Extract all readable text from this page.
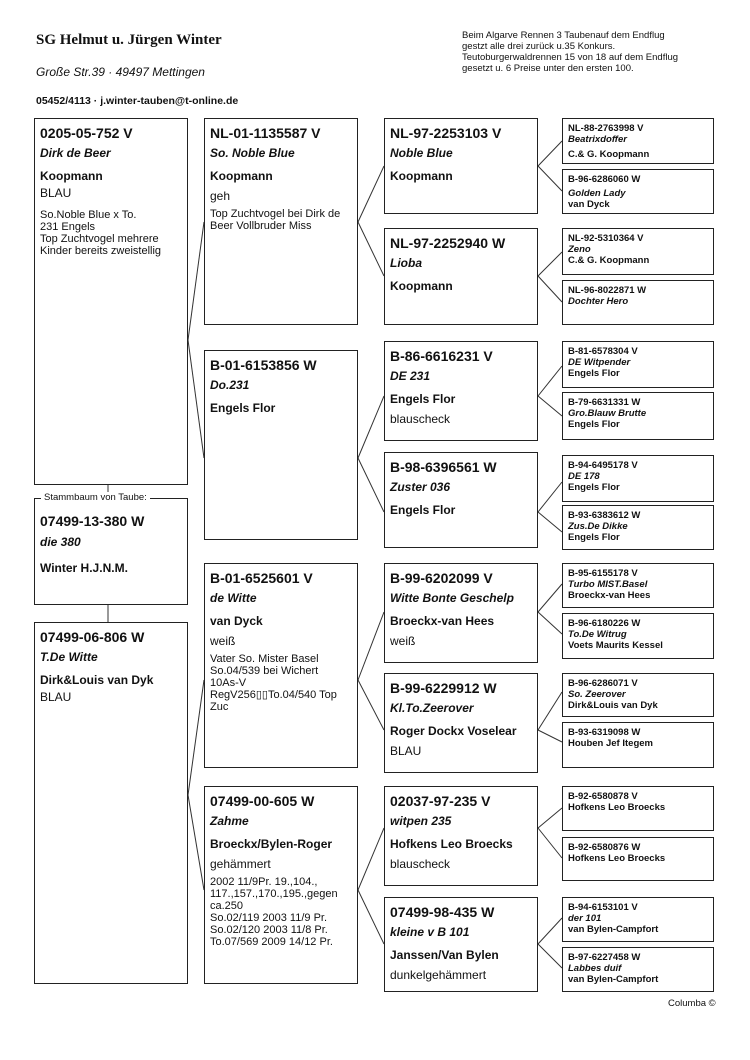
SG Helmut u. Jürgen Winter
Große Str.39 · 49497 Mettingen
05452/4113 · j.winter-tauben@t-online.de
Beim Algarve Rennen 3 Taubenauf dem Endflug
gestzt alle drei zurück u.35 Konkurs.
Teutoburgerwaldrennen 15 von 18 auf dem Endflug
gesetzt u. 6 Preise unter den ersten 100.
0205-05-752 V
Dirk de Beer
Koopmann
BLAU
So.Noble Blue x To.
231 Engels
Top Zuchtvogel mehrere
Kinder bereits zweistellig
Stammbaum von Taube:
07499-13-380 W
die 380
Winter H.J.N.M.
07499-06-806 W
T.De Witte
Dirk&Louis van Dyk
BLAU
NL-01-1135587 V
So. Noble Blue
Koopmann
geh
Top Zuchtvogel bei Dirk de
Beer Vollbruder Miss
B-01-6153856 W
Do.231
Engels Flor
B-01-6525601 V
de Witte
van Dyck
weiß
Vater So. Mister Basel
So.04/539 bei Wichert
10As-V
RegV256▯▯To.04/540 Top
Zuc
07499-00-605 W
Zahme
Broeckx/Bylen-Roger
gehämmert
2002 11/9Pr. 19.,104.,
117.,157.,170.,195.,gegen
ca.250
So.02/119 2003 11/9 Pr.
So.02/120 2003 11/8 Pr.
To.07/569 2009 14/12 Pr.
NL-97-2253103 V
Noble Blue
Koopmann
NL-97-2252940 W
Lioba
Koopmann
B-86-6616231 V
DE 231
Engels Flor
blauscheck
B-98-6396561 W
Zuster 036
Engels Flor
B-99-6202099 V
Witte Bonte Geschelp
Broeckx-van Hees
weiß
B-99-6229912 W
Kl.To.Zeerover
Roger Dockx Voselear
BLAU
02037-97-235 V
witpen 235
Hofkens Leo Broecks
blauscheck
07499-98-435 W
kleine v B 101
Janssen/Van Bylen
dunkelgehämmert
NL-88-2763998 V
Beatrixdoffer
C.& G. Koopmann
B-96-6286060 W
Golden Lady
van Dyck
NL-92-5310364 V
Zeno
C.& G. Koopmann
NL-96-8022871 W
Dochter Hero
B-81-6578304 V
DE Witpender
Engels Flor
B-79-6631331 W
Gro.Blauw Brutte
Engels Flor
B-94-6495178 V
DE 178
Engels Flor
B-93-6383612 W
Zus.De Dikke
Engels Flor
B-95-6155178 V
Turbo MIST.Basel
Broeckx-van Hees
B-96-6180226 W
To.De Witrug
Voets Maurits Kessel
B-96-6286071 V
So. Zeerover
Dirk&Louis van Dyk
B-93-6319098 W
Houben Jef Itegem
B-92-6580878 V
Hofkens Leo Broecks
B-92-6580876 W
Hofkens Leo Broecks
B-94-6153101 V
der 101
van Bylen-Campfort
B-97-6227458 W
Labbes duif
van Bylen-Campfort
Columba ©
